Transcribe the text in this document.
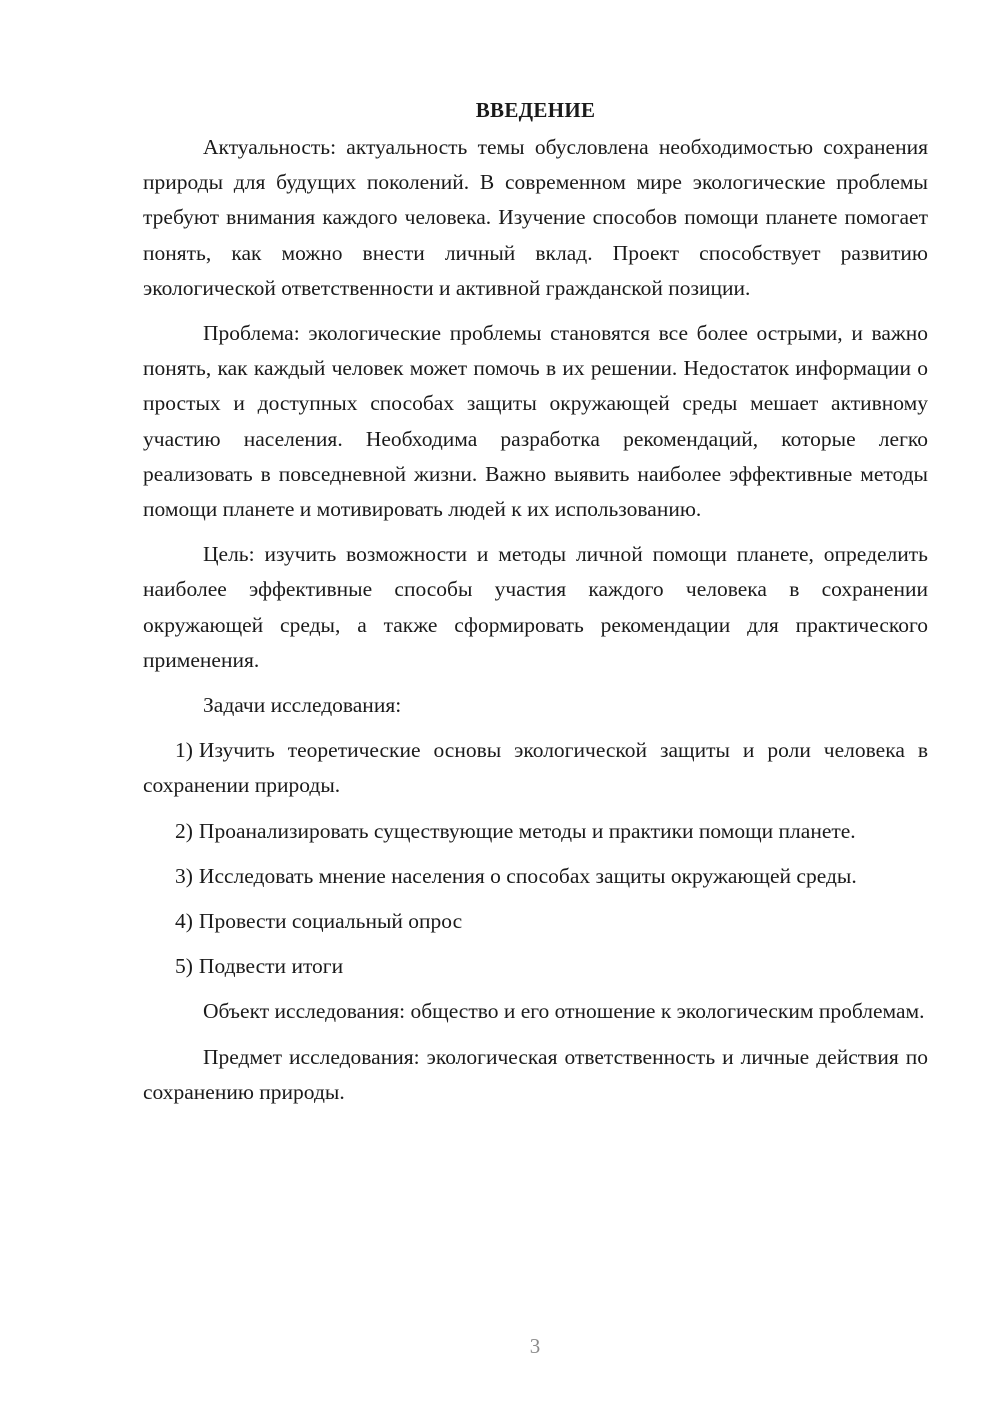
ВВЕДЕНИЕ

Актуальность: актуальность темы обусловлена необходимостью сохранения природы для будущих поколений. В современном мире экологические проблемы требуют внимания каждого человека. Изучение способов помощи планете помогает понять, как можно внести личный вклад. Проект способствует развитию экологической ответственности и активной гражданской позиции.

Проблема: экологические проблемы становятся все более острыми, и важно понять, как каждый человек может помочь в их решении. Недостаток информации о простых и доступных способах защиты окружающей среды мешает активному участию населения. Необходима разработка рекомендаций, которые легко реализовать в повседневной жизни. Важно выявить наиболее эффективные методы помощи планете и мотивировать людей к их использованию.

Цель: изучить возможности и методы личной помощи планете, определить наиболее эффективные способы участия каждого человека в сохранении окружающей среды, а также сформировать рекомендации для практического применения.

Задачи исследования:

1) Изучить теоретические основы экологической защиты и роли человека в сохранении природы.

2) Проанализировать существующие методы и практики помощи планете.

3) Исследовать мнение населения о способах защиты окружающей среды.

4) Провести социальный опрос

5) Подвести итоги

Объект исследования: общество и его отношение к экологическим проблемам.

Предмет исследования: экологическая ответственность и личные действия по сохранению природы.

3
